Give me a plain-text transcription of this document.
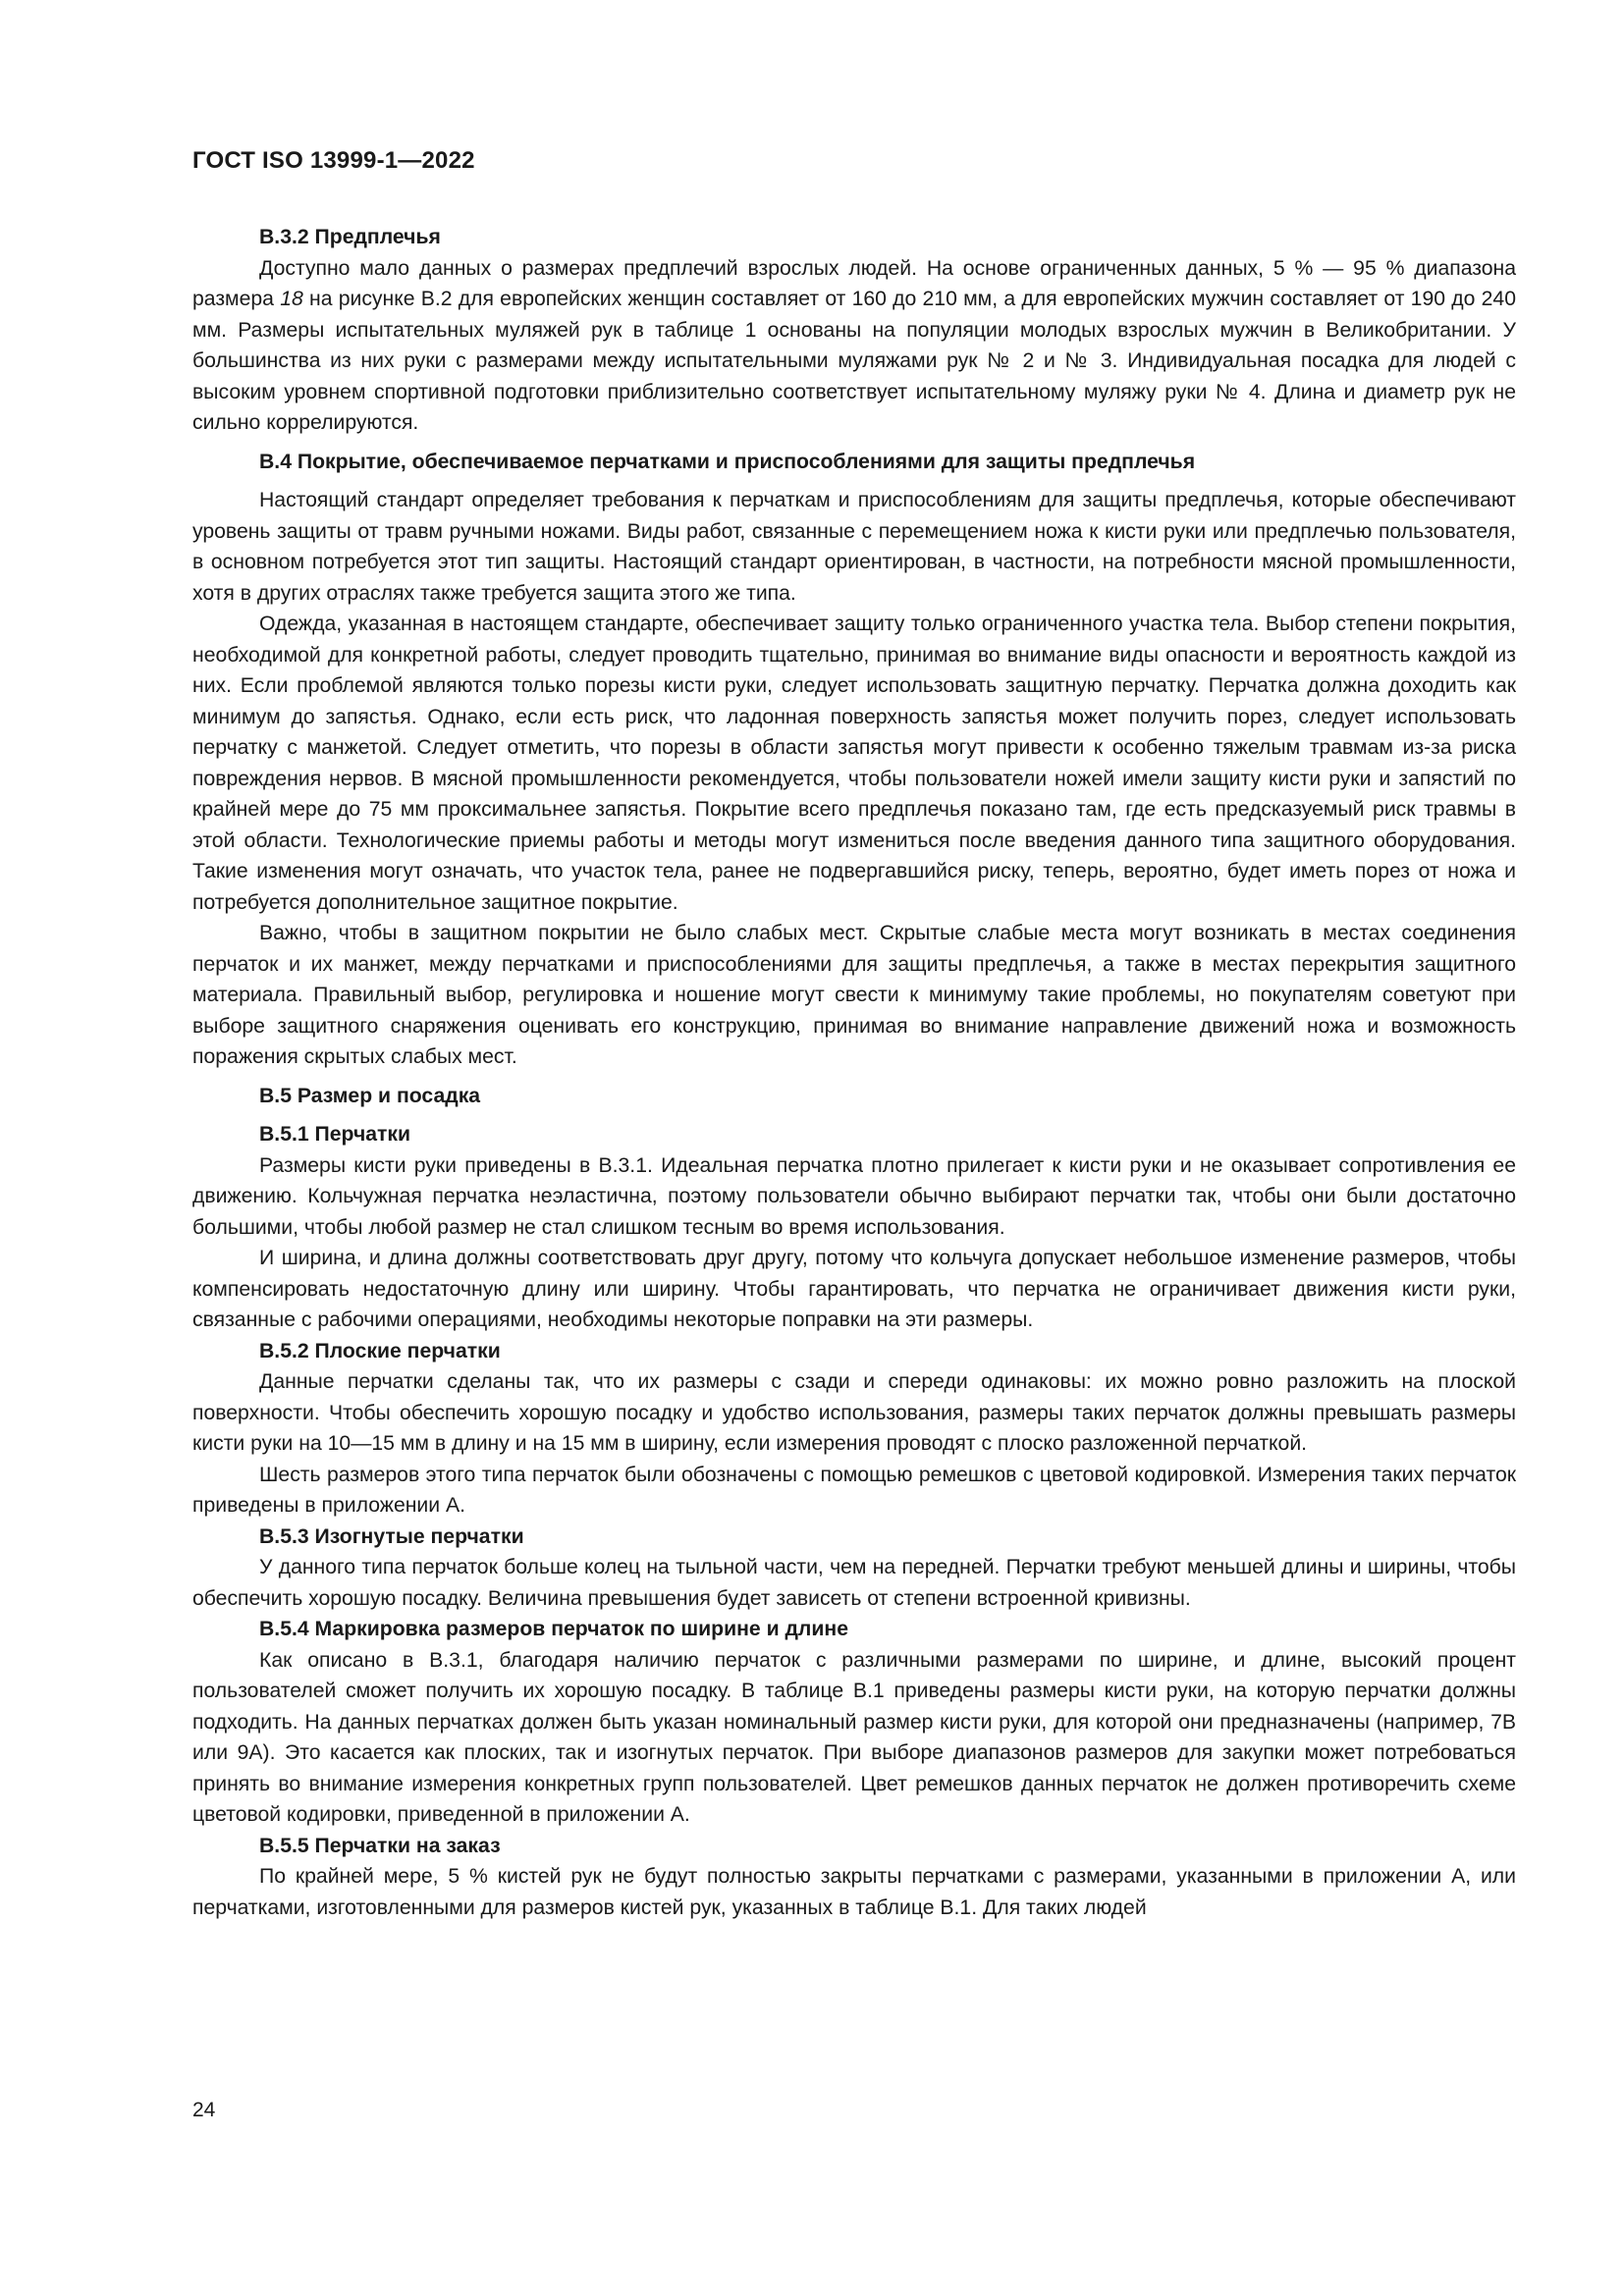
ГОСТ ISO 13999-1—2022

B.3.2 Предплечья

Доступно мало данных о размерах предплечий взрослых людей. На основе ограниченных данных, 5 % — 95 % диапазона размера 18 на рисунке B.2 для европейских женщин составляет от 160 до 210 мм, а для европейских мужчин составляет от 190 до 240 мм. Размеры испытательных муляжей рук в таблице 1 основаны на популяции молодых взрослых мужчин в Великобритании. У большинства из них руки с размерами между испытательными муляжами рук № 2 и № 3. Индивидуальная посадка для людей с высоким уровнем спортивной подготовки приблизительно соответствует испытательному муляжу руки № 4. Длина и диаметр рук не сильно коррелируются.

B.4 Покрытие, обеспечиваемое перчатками и приспособлениями для защиты предплечья

Настоящий стандарт определяет требования к перчаткам и приспособлениям для защиты предплечья, которые обеспечивают уровень защиты от травм ручными ножами. Виды работ, связанные с перемещением ножа к кисти руки или предплечью пользователя, в основном потребуется этот тип защиты. Настоящий стандарт ориентирован, в частности, на потребности мясной промышленности, хотя в других отраслях также требуется защита этого же типа.

Одежда, указанная в настоящем стандарте, обеспечивает защиту только ограниченного участка тела. Выбор степени покрытия, необходимой для конкретной работы, следует проводить тщательно, принимая во внимание виды опасности и вероятность каждой из них. Если проблемой являются только порезы кисти руки, следует использовать защитную перчатку. Перчатка должна доходить как минимум до запястья. Однако, если есть риск, что ладонная поверхность запястья может получить порез, следует использовать перчатку с манжетой. Следует отметить, что порезы в области запястья могут привести к особенно тяжелым травмам из-за риска повреждения нервов. В мясной промышленности рекомендуется, чтобы пользователи ножей имели защиту кисти руки и запястий по крайней мере до 75 мм проксимальнее запястья. Покрытие всего предплечья показано там, где есть предсказуемый риск травмы в этой области. Технологические приемы работы и методы могут измениться после введения данного типа защитного оборудования. Такие изменения могут означать, что участок тела, ранее не подвергавшийся риску, теперь, вероятно, будет иметь порез от ножа и потребуется дополнительное защитное покрытие.

Важно, чтобы в защитном покрытии не было слабых мест. Скрытые слабые места могут возникать в местах соединения перчаток и их манжет, между перчатками и приспособлениями для защиты предплечья, а также в местах перекрытия защитного материала. Правильный выбор, регулировка и ношение могут свести к минимуму такие проблемы, но покупателям советуют при выборе защитного снаряжения оценивать его конструкцию, принимая во внимание направление движений ножа и возможность поражения скрытых слабых мест.

B.5 Размер и посадка

B.5.1 Перчатки

Размеры кисти руки приведены в B.3.1. Идеальная перчатка плотно прилегает к кисти руки и не оказывает сопротивления ее движению. Кольчужная перчатка неэластична, поэтому пользователи обычно выбирают перчатки так, чтобы они были достаточно большими, чтобы любой размер не стал слишком тесным во время использования.

И ширина, и длина должны соответствовать друг другу, потому что кольчуга допускает небольшое изменение размеров, чтобы компенсировать недостаточную длину или ширину. Чтобы гарантировать, что перчатка не ограничивает движения кисти руки, связанные с рабочими операциями, необходимы некоторые поправки на эти размеры.

B.5.2 Плоские перчатки

Данные перчатки сделаны так, что их размеры с сзади и спереди одинаковы: их можно ровно разложить на плоской поверхности. Чтобы обеспечить хорошую посадку и удобство использования, размеры таких перчаток должны превышать размеры кисти руки на 10—15 мм в длину и на 15 мм в ширину, если измерения проводят с плоско разложенной перчаткой.

Шесть размеров этого типа перчаток были обозначены с помощью ремешков с цветовой кодировкой. Измерения таких перчаток приведены в приложении А.

B.5.3 Изогнутые перчатки

У данного типа перчаток больше колец на тыльной части, чем на передней. Перчатки требуют меньшей длины и ширины, чтобы обеспечить хорошую посадку. Величина превышения будет зависеть от степени встроенной кривизны.

B.5.4 Маркировка размеров перчаток по ширине и длине

Как описано в B.3.1, благодаря наличию перчаток с различными размерами по ширине, и длине, высокий процент пользователей сможет получить их хорошую посадку. В таблице B.1 приведены размеры кисти руки, на которую перчатки должны подходить. На данных перчатках должен быть указан номинальный размер кисти руки, для которой они предназначены (например, 7B или 9A). Это касается как плоских, так и изогнутых перчаток. При выборе диапазонов размеров для закупки может потребоваться принять во внимание измерения конкретных групп пользователей. Цвет ремешков данных перчаток не должен противоречить схеме цветовой кодировки, приведенной в приложении А.

B.5.5 Перчатки на заказ

По крайней мере, 5 % кистей рук не будут полностью закрыты перчатками с размерами, указанными в приложении А, или перчатками, изготовленными для размеров кистей рук, указанных в таблице B.1. Для таких людей

24
